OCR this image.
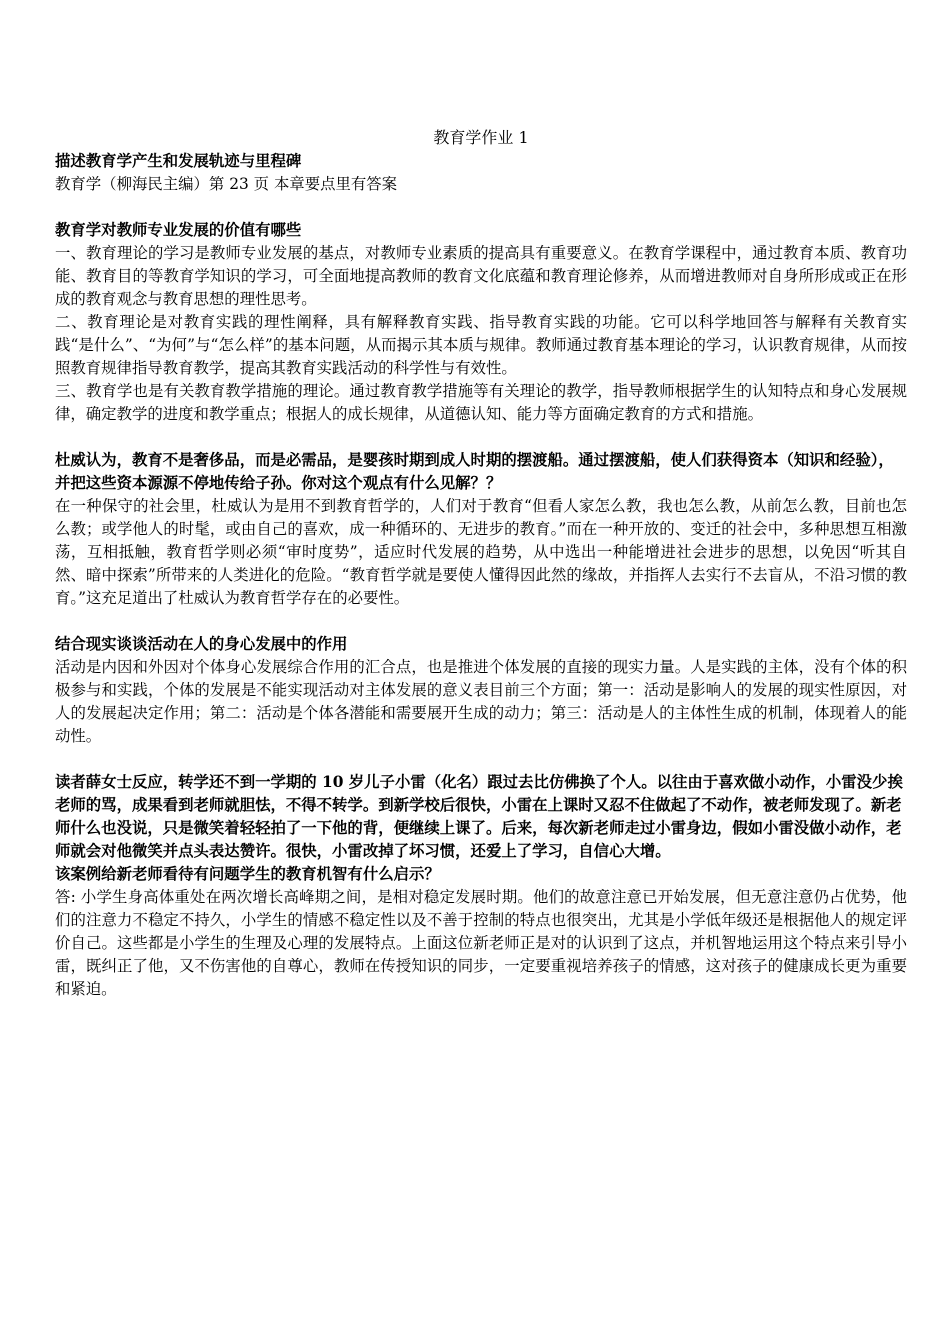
教育学作业 1

描述教育学产生和发展轨迹与里程碑

教育学（柳海民主编）第 23 页 本章要点里有答案

教育学对教师专业发展的价值有哪些

一、教育理论的学习是教师专业发展的基点，对教师专业素质的提高具有重要意义。在教育学课程中，通过教育本质、教育功能、教育目的等教育学知识的学习，可全面地提高教师的教育文化底蕴和教育理论修养，从而增进教师对自身所形成或正在形成的教育观念与教育思想的理性思考。

二、教育理论是对教育实践的理性阐释，具有解释教育实践、指导教育实践的功能。它可以科学地回答与解释有关教育实践“是什么”、“为何”与“怎么样”的基本问题，从而揭示其本质与规律。教师通过教育基本理论的学习，认识教育规律，从而按照教育规律指导教育教学，提高其教育实践活动的科学性与有效性。

三、教育学也是有关教育教学措施的理论。通过教育教学措施等有关理论的教学，指导教师根据学生的认知特点和身心发展规律，确定教学的进度和教学重点；根据人的成长规律，从道德认知、能力等方面确定教育的方式和措施。

杜威认为，教育不是奢侈品，而是必需品，是婴孩时期到成人时期的摆渡船。通过摆渡船，使人们获得资本（知识和经验），并把这些资本源源不停地传给子孙。你对这个观点有什么见解？？

在一种保守的社会里，杜威认为是用不到教育哲学的，人们对于教育“但看人家怎么教，我也怎么教，从前怎么教，目前也怎么教；或学他人的时髦，或由自己的喜欢，成一种循环的、无进步的教育。”而在一种开放的、变迁的社会中，多种思想互相激荡，互相抵触，教育哲学则必须“审时度势”，适应时代发展的趋势，从中选出一种能增进社会进步的思想，以免因“听其自然、暗中探索”所带来的人类进化的危险。“教育哲学就是要使人懂得因此然的缘故，并指挥人去实行不去盲从，不沿习惯的教育。”这充足道出了杜威认为教育哲学存在的必要性。

结合现实谈谈活动在人的身心发展中的作用

活动是内因和外因对个体身心发展综合作用的汇合点，也是推进个体发展的直接的现实力量。人是实践的主体，没有个体的积极参与和实践，个体的发展是不能实现活动对主体发展的意义表目前三个方面；第一：活动是影响人的发展的现实性原因，对人的发展起决定作用；第二：活动是个体各潜能和需要展开生成的动力；第三：活动是人的主体性生成的机制，体现着人的能动性。

读者薛女士反应，转学还不到一学期的 10 岁儿子小雷（化名）跟过去比仿佛换了个人。以往由于喜欢做小动作，小雷没少挨老师的骂，成果看到老师就胆怯，不得不转学。到新学校后很快，小雷在上课时又忍不住做起了不动作，被老师发现了。新老师什么也没说，只是微笑着轻轻拍了一下他的背，便继续上课了。后来，每次新老师走过小雷身边，假如小雷没做小动作，老师就会对他微笑并点头表达赞许。很快，小雷改掉了坏习惯，还爱上了学习，自信心大增。

该案例给新老师看待有问题学生的教育机智有什么启示？

答: 小学生身高体重处在两次增长高峰期之间，是相对稳定发展时期。他们的故意注意已开始发展，但无意注意仍占优势，他们的注意力不稳定不持久，小学生的情感不稳定性以及不善于控制的特点也很突出，尤其是小学低年级还是根据他人的规定评价自己。这些都是小学生的生理及心理的发展特点。上面这位新老师正是对的认识到了这点，并机智地运用这个特点来引导小雷，既纠正了他，又不伤害他的自尊心，教师在传授知识的同步，一定要重视培养孩子的情感，这对孩子的健康成长更为重要和紧迫。
